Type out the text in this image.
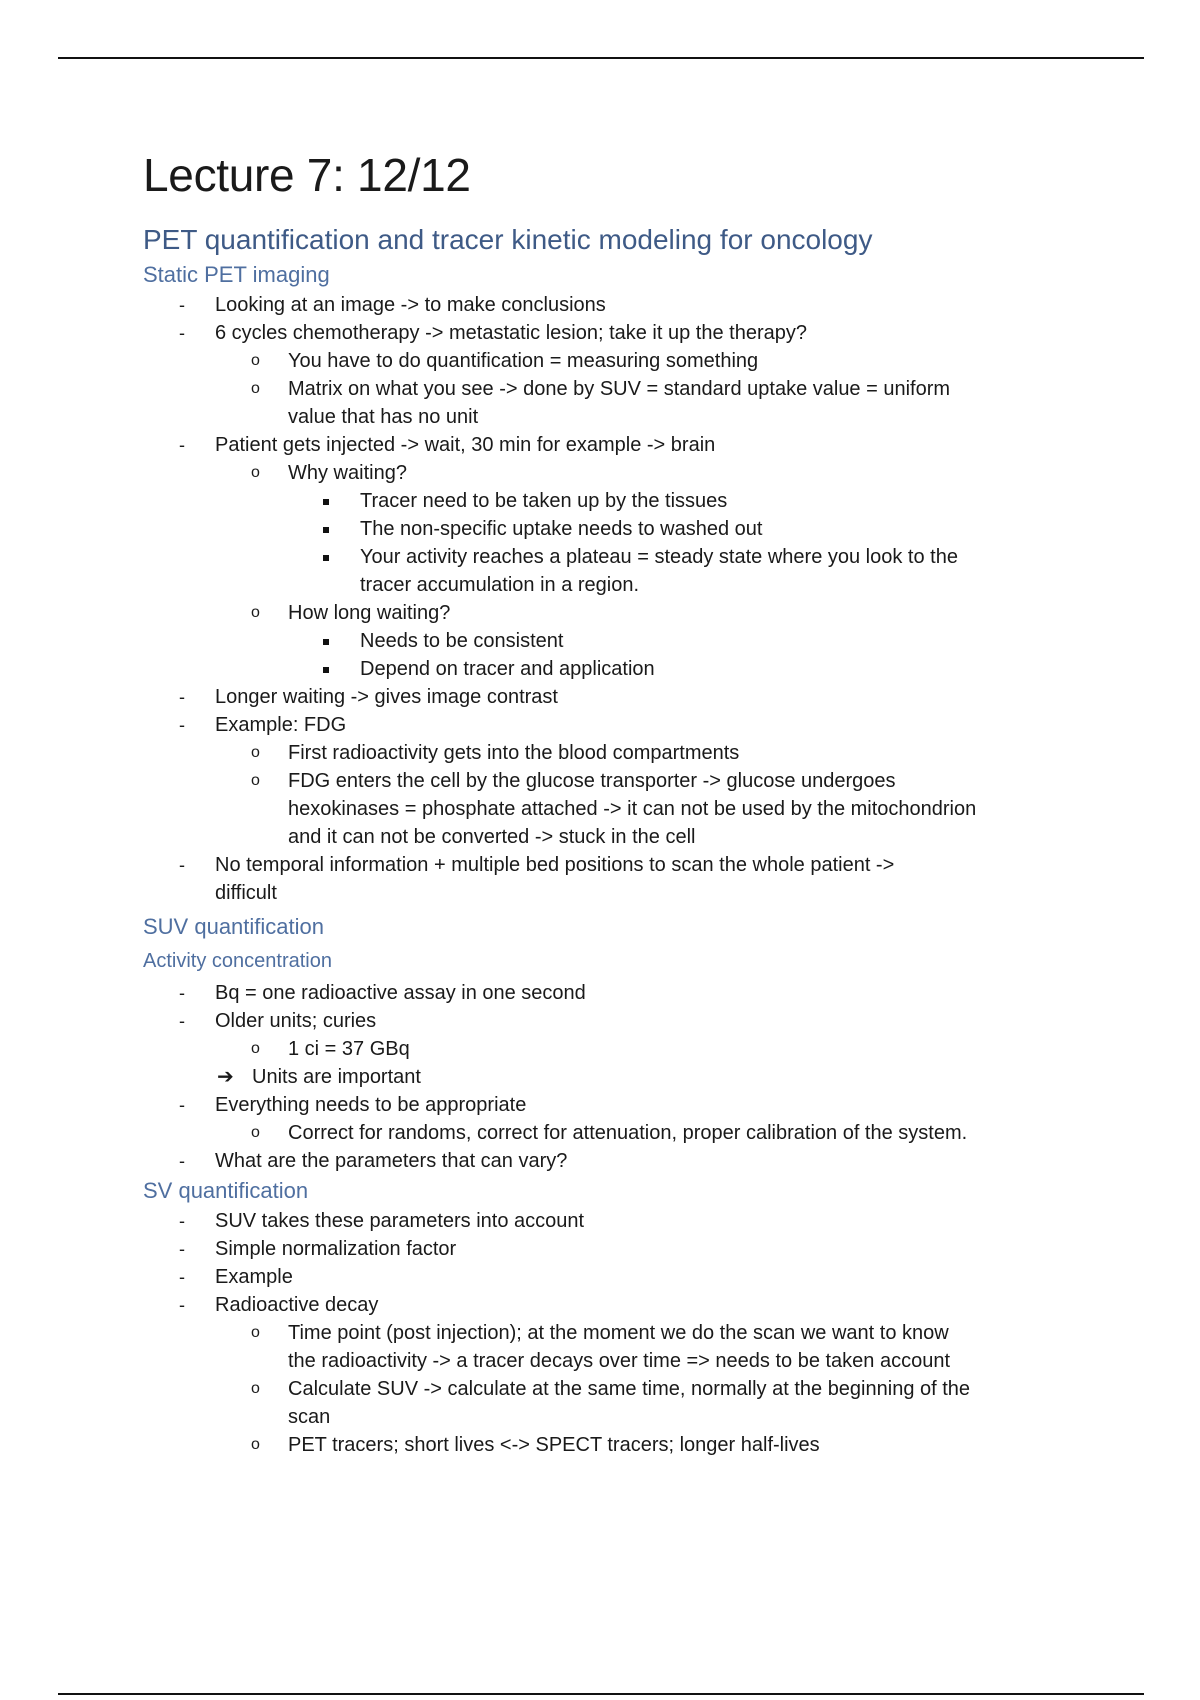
Lecture 7: 12/12
PET quantification and tracer kinetic modeling for oncology
Static PET imaging
- Looking at an image -> to make conclusions
- 6 cycles chemotherapy -> metastatic lesion; take it up the therapy?
o You have to do quantification = measuring something
o Matrix on what you see -> done by SUV = standard uptake value = uniform
value that has no unit
- Patient gets injected -> wait, 30 min for example -> brain
o Why waiting?
Tracer need to be taken up by the tissues
The non-specific uptake needs to washed out
Your activity reaches a plateau = steady state where you look to the
tracer accumulation in a region.
o How long waiting?
Needs to be consistent
Depend on tracer and application
- Longer waiting -> gives image contrast
- Example: FDG
o First radioactivity gets into the blood compartments
o FDG enters the cell by the glucose transporter -> glucose undergoes
hexokinases = phosphate attached -> it can not be used by the mitochondrion
and it can not be converted -> stuck in the cell
- No temporal information + multiple bed positions to scan the whole patient ->
difficult
SUV quantification
Activity concentration
- Bq = one radioactive assay in one second
- Older units; curies
o 1 ci = 37 GBq
➔ Units are important
- Everything needs to be appropriate
o Correct for randoms, correct for attenuation, proper calibration of the system.
- What are the parameters that can vary?
SV quantification
- SUV takes these parameters into account
- Simple normalization factor
- Example
- Radioactive decay
o Time point (post injection); at the moment we do the scan we want to know
the radioactivity -> a tracer decays over time => needs to be taken account
o Calculate SUV -> calculate at the same time, normally at the beginning of the
scan
o PET tracers; short lives <-> SPECT tracers; longer half-lives
